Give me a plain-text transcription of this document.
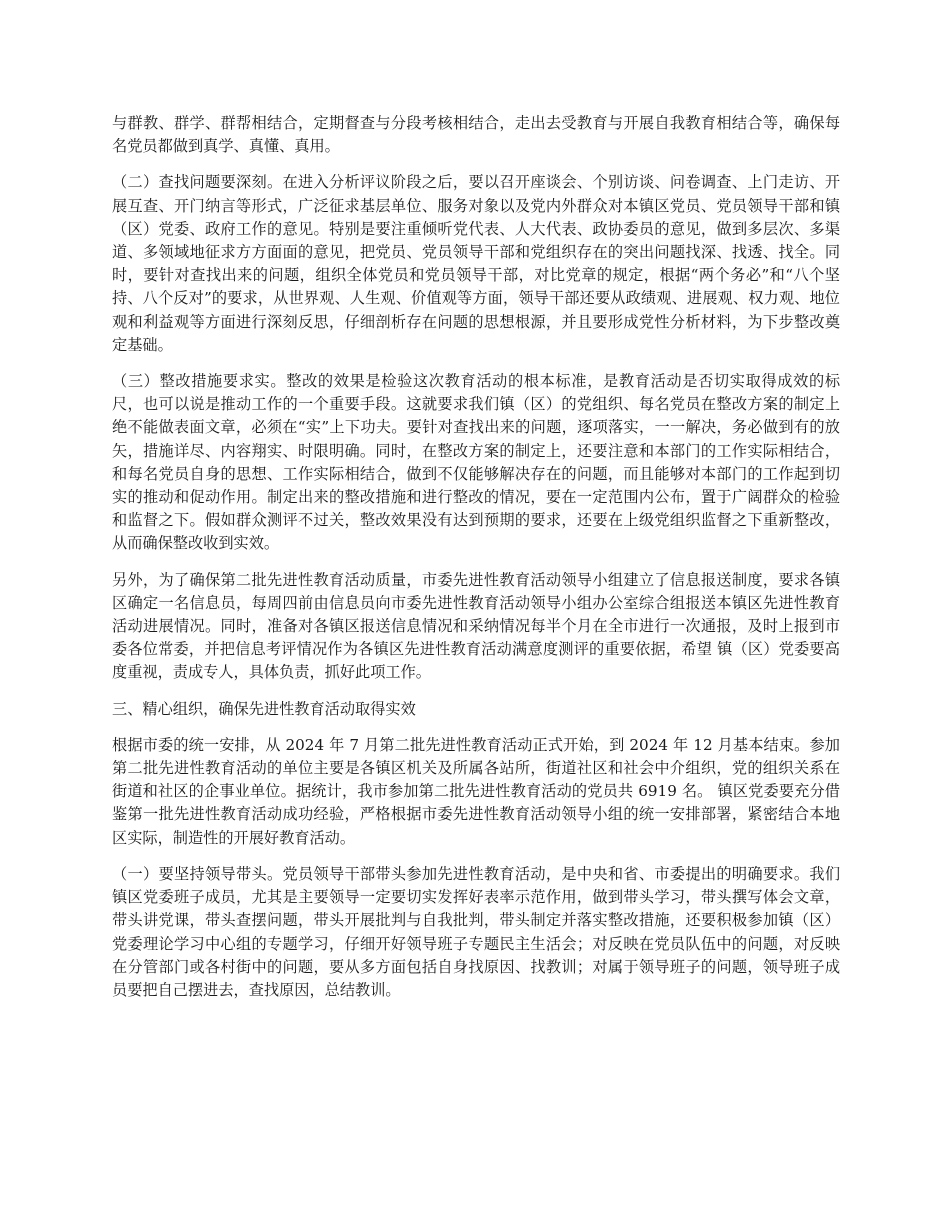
与群教、群学、群帮相结合，定期督查与分段考核相结合，走出去受教育与开展自我教育相结合等，确保每名党员都做到真学、真懂、真用。

（二）查找问题要深刻。在进入分析评议阶段之后，要以召开座谈会、个别访谈、问卷调查、上门走访、开展互查、开门纳言等形式，广泛征求基层单位、服务对象以及党内外群众对本镇区党员、党员领导干部和镇（区）党委、政府工作的意见。特别是要注重倾听党代表、人大代表、政协委员的意见，做到多层次、多渠道、多领域地征求方方面面的意见，把党员、党员领导干部和党组织存在的突出问题找深、找透、找全。同时，要针对查找出来的问题，组织全体党员和党员领导干部，对比党章的规定，根据“两个务必”和“八个坚持、八个反对”的要求，从世界观、人生观、价值观等方面，领导干部还要从政绩观、进展观、权力观、地位观和利益观等方面进行深刻反思，仔细剖析存在问题的思想根源，并且要形成党性分析材料，为下步整改奠定基础。

（三）整改措施要求实。整改的效果是检验这次教育活动的根本标准，是教育活动是否切实取得成效的标尺，也可以说是推动工作的一个重要手段。这就要求我们镇（区）的党组织、每名党员在整改方案的制定上绝不能做表面文章，必须在“实”上下功夫。要针对查找出来的问题，逐项落实，一一解决，务必做到有的放矢，措施详尽、内容翔实、时限明确。同时，在整改方案的制定上，还要注意和本部门的工作实际相结合，和每名党员自身的思想、工作实际相结合，做到不仅能够解决存在的问题，而且能够对本部门的工作起到切实的推动和促动作用。制定出来的整改措施和进行整改的情况，要在一定范围内公布，置于广阔群众的检验和监督之下。假如群众测评不过关，整改效果没有达到预期的要求，还要在上级党组织监督之下重新整改，从而确保整改收到实效。

另外，为了确保第二批先进性教育活动质量，市委先进性教育活动领导小组建立了信息报送制度，要求各镇区确定一名信息员，每周四前由信息员向市委先进性教育活动领导小组办公室综合组报送本镇区先进性教育活动进展情况。同时，准备对各镇区报送信息情况和采纳情况每半个月在全市进行一次通报，及时上报到市委各位常委，并把信息考评情况作为各镇区先进性教育活动满意度测评的重要依据，希望 镇（区）党委要高度重视，责成专人，具体负责，抓好此项工作。

三、精心组织，确保先进性教育活动取得实效

根据市委的统一安排，从 2024 年 7 月第二批先进性教育活动正式开始，到 2024 年 12 月基本结束。参加第二批先进性教育活动的单位主要是各镇区机关及所属各站所，街道社区和社会中介组织，党的组织关系在街道和社区的企事业单位。据统计，我市参加第二批先进性教育活动的党员共 6919 名。 镇区党委要充分借鉴第一批先进性教育活动成功经验，严格根据市委先进性教育活动领导小组的统一安排部署，紧密结合本地区实际，制造性的开展好教育活动。

（一）要坚持领导带头。党员领导干部带头参加先进性教育活动，是中央和省、市委提出的明确要求。我们 镇区党委班子成员，尤其是主要领导一定要切实发挥好表率示范作用，做到带头学习，带头撰写体会文章，带头讲党课，带头查摆问题，带头开展批判与自我批判，带头制定并落实整改措施，还要积极参加镇（区）党委理论学习中心组的专题学习，仔细开好领导班子专题民主生活会；对反映在党员队伍中的问题，对反映在分管部门或各村街中的问题，要从多方面包括自身找原因、找教训；对属于领导班子的问题，领导班子成员要把自己摆进去，查找原因，总结教训。
